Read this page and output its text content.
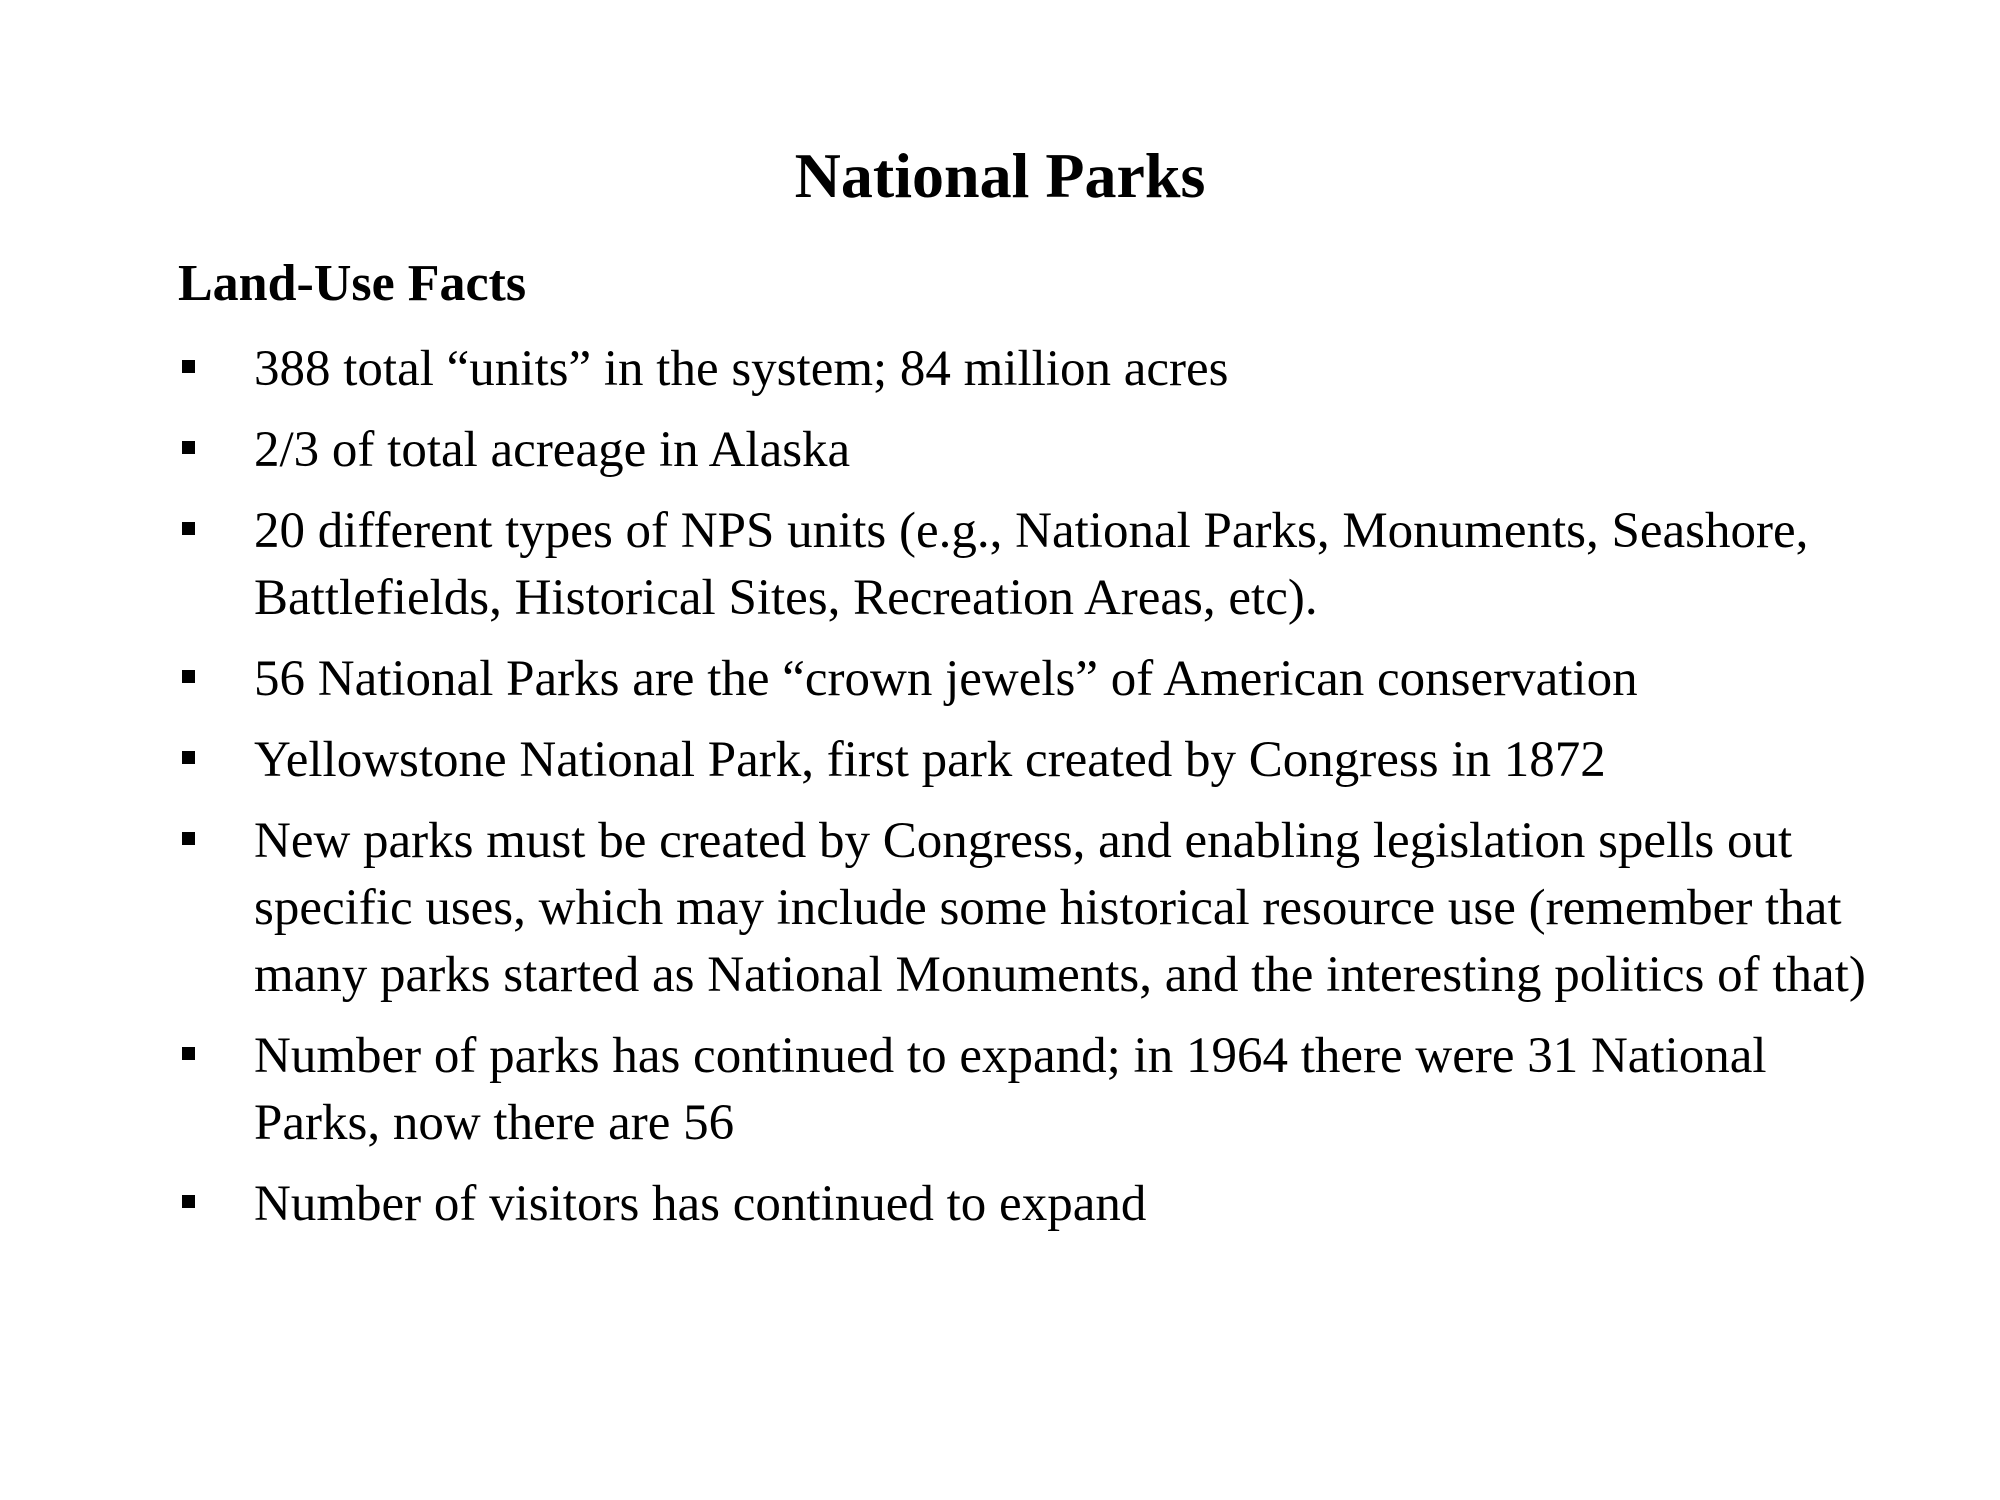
National Parks
Land-Use Facts
388 total “units” in the system; 84 million acres
2/3 of total acreage in Alaska
20 different types of NPS units (e.g., National Parks, Monuments, Seashore, Battlefields, Historical Sites, Recreation Areas, etc).
56 National Parks are the “crown jewels” of American conservation
Yellowstone National Park, first park created by Congress in 1872
New parks must be created by Congress, and enabling legislation spells out specific uses, which may include some historical resource use (remember that many parks started as National Monuments, and the interesting politics of that)
Number of parks has continued to expand; in 1964 there were 31 National Parks, now there are 56
Number of visitors has continued to expand
